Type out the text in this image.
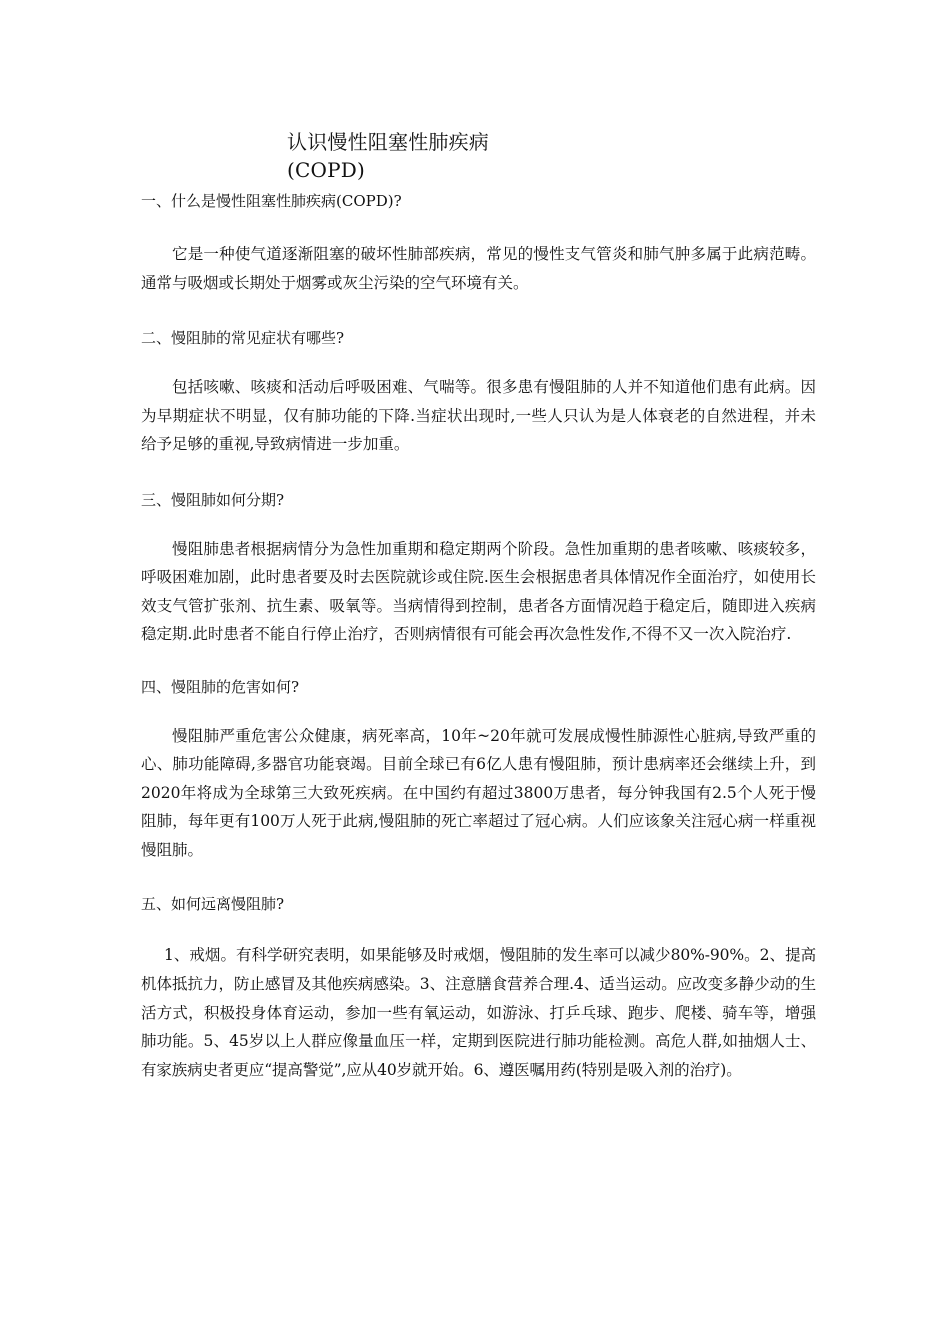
认识慢性阻塞性肺疾病
(COPD)
一、什么是慢性阻塞性肺疾病(COPD)?

它是一种使气道逐渐阻塞的破坏性肺部疾病，常见的慢性支气管炎和肺气肿多属于此病范畴。通常与吸烟或长期处于烟雾或灰尘污染的空气环境有关。

二、慢阻肺的常见症状有哪些?

包括咳嗽、咳痰和活动后呼吸困难、气喘等。很多患有慢阻肺的人并不知道他们患有此病。因为早期症状不明显，仅有肺功能的下降.当症状出现时,一些人只认为是人体衰老的自然进程，并未给予足够的重视,导致病情进一步加重。

三、慢阻肺如何分期?

慢阻肺患者根据病情分为急性加重期和稳定期两个阶段。急性加重期的患者咳嗽、咳痰较多，呼吸困难加剧，此时患者要及时去医院就诊或住院.医生会根据患者具体情况作全面治疗，如使用长效支气管扩张剂、抗生素、吸氧等。当病情得到控制，患者各方面情况趋于稳定后，随即进入疾病稳定期.此时患者不能自行停止治疗，否则病情很有可能会再次急性发作,不得不又一次入院治疗.

四、慢阻肺的危害如何?

慢阻肺严重危害公众健康，病死率高，10年~20年就可发展成慢性肺源性心脏病,导致严重的心、肺功能障碍,多器官功能衰竭。目前全球已有6亿人患有慢阻肺，预计患病率还会继续上升，到2020年将成为全球第三大致死疾病。在中国约有超过3800万患者，每分钟我国有2.5个人死于慢阻肺，每年更有100万人死于此病,慢阻肺的死亡率超过了冠心病。人们应该象关注冠心病一样重视慢阻肺。

五、如何远离慢阻肺?

1、戒烟。有科学研究表明，如果能够及时戒烟，慢阻肺的发生率可以减少80%-90%。2、提高机体抵抗力，防止感冒及其他疾病感染。3、注意膳食营养合理.4、适当运动。应改变多静少动的生活方式，积极投身体育运动，参加一些有氧运动，如游泳、打乒乓球、跑步、爬楼、骑车等，增强肺功能。5、45岁以上人群应像量血压一样，定期到医院进行肺功能检测。高危人群,如抽烟人士、有家族病史者更应“提高警觉”,应从40岁就开始。6、遵医嘱用药(特别是吸入剂的治疗)。
